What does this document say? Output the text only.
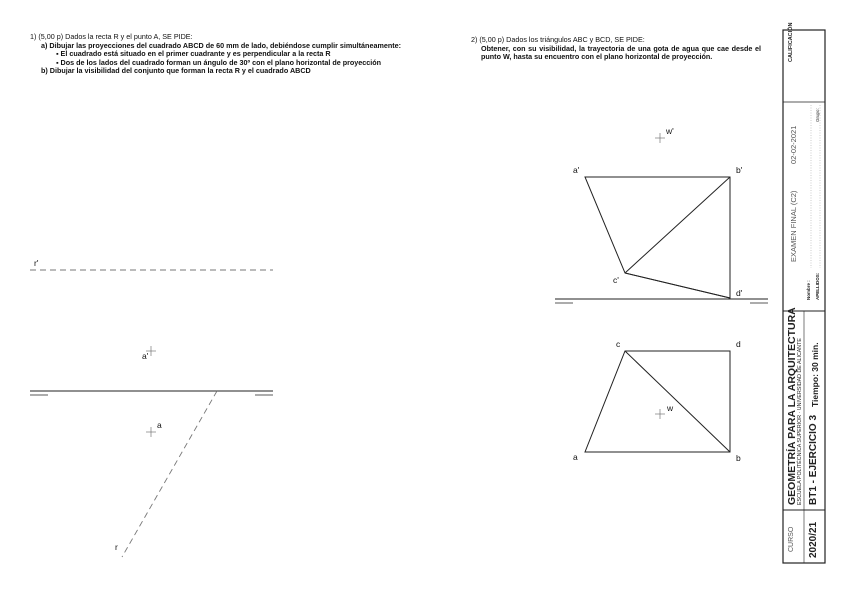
1) (5,00 p) Dados la recta R y el punto A, SE PIDE:
a) Dibujar las proyecciones del cuadrado ABCD de 60 mm de lado, debiéndose cumplir simultáneamente:
▪ El cuadrado está situado en el primer cuadrante y es perpendicular a la recta R
▪ Dos de los lados del cuadrado forman un ángulo de 30º con el plano horizontal de proyección
b) Dibujar la visibilidad del conjunto que forman la recta R y el cuadrado ABCD
2) (5,00 p) Dados los triángulos ABC y BCD, SE PIDE:
Obtener, con su visibilidad, la trayectoria de una gota de agua que cae desde el punto W, hasta su encuentro con el plano horizontal de proyección.
r'
a'
a
r
w'
a'	b'
c'
d'
c	d
w
a	b
CALIFICACIÓN
EXAMEN FINAL (C2)
02-02-2021
Nombre : APELLIDOS:
Grupo:
GEOMETRÍA PARA LA ARQUITECTURA ESCUELA POLITÉCNICA SUPERIOR · UNIVERSIDAD DE ALICANTE BT1 - EJERCICIO 3
Tiempo: 30 min.
CURSO 2020/21
